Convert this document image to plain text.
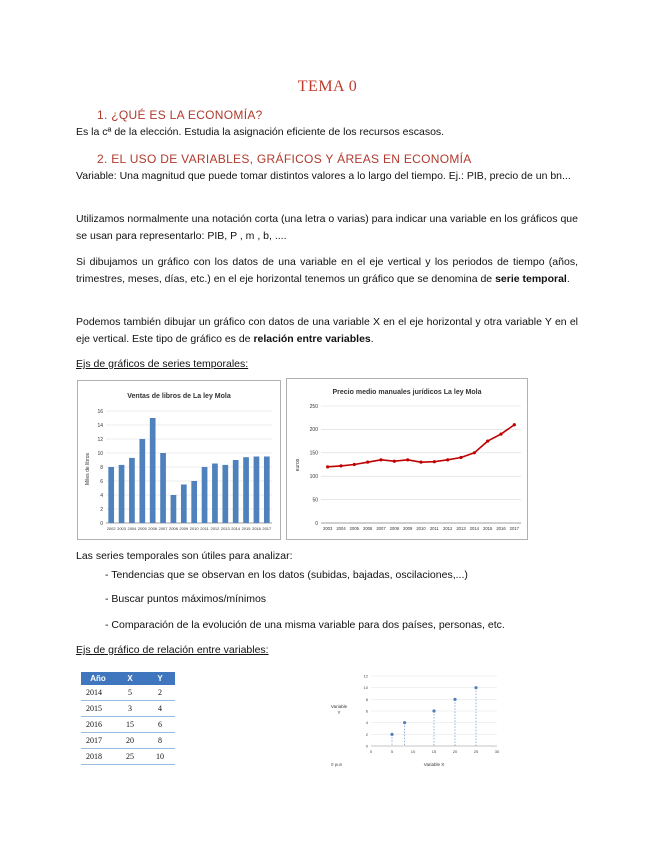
TEMA 0
1. ¿QUÉ ES LA ECONOMÍA?
Es la cª de la elección. Estudia la asignación eficiente de los recursos escasos.
2. EL USO DE VARIABLES, GRÁFICOS Y ÁREAS EN ECONOMÍA
Variable: Una magnitud que puede tomar distintos valores a lo largo del tiempo. Ej.: PIB, precio de un bn...
Utilizamos normalmente una notación corta (una letra o varias) para indicar una variable en los gráficos que se usan para representarlo: PIB, P , m , b, ....
Si dibujamos un gráfico con los datos de una variable en el eje vertical y los periodos de tiempo (años, trimestres, meses, días, etc.) en el eje horizontal tenemos un gráfico que se denomina de serie temporal.
Podemos también dibujar un gráfico con datos de una variable X en el eje horizontal y otra variable Y en el eje vertical. Este tipo de gráfico es de relación entre variables.
Ejs de gráficos de series temporales:
Ventas de libros de La ley Mola
Miles de libros
0
2
4
6
8
10
12
14
16
2002 2003 2004 2005 2006 2007 2008 2009 2010 2011 2012 2013 2014 2015 2016 2017
Precio medio manuales jurídicos La ley Mola
euros
0
50
100
150
200
250
2003 2004 2005 2006 2007 2008 2009 2010 2011 2012 2013 2014 2015 2016 2017
Las series temporales son útiles para analizar:
- Tendencias que se observan en los datos (subidas, bajadas, oscilaciones,...)
- Buscar puntos máximos/mínimos
- Comparación de la evolución de una misma variable para dos países, personas, etc.
Ejs de gráfico de relación entre variables:
Año	X	Y
2014	5	2
2015	3	4
2016	15	6
2017	20	8
2018	25	10
0
2
4
6
8
10
12
0	5	10	15	20	25	30
Variable Y
Variable X
0 pun
